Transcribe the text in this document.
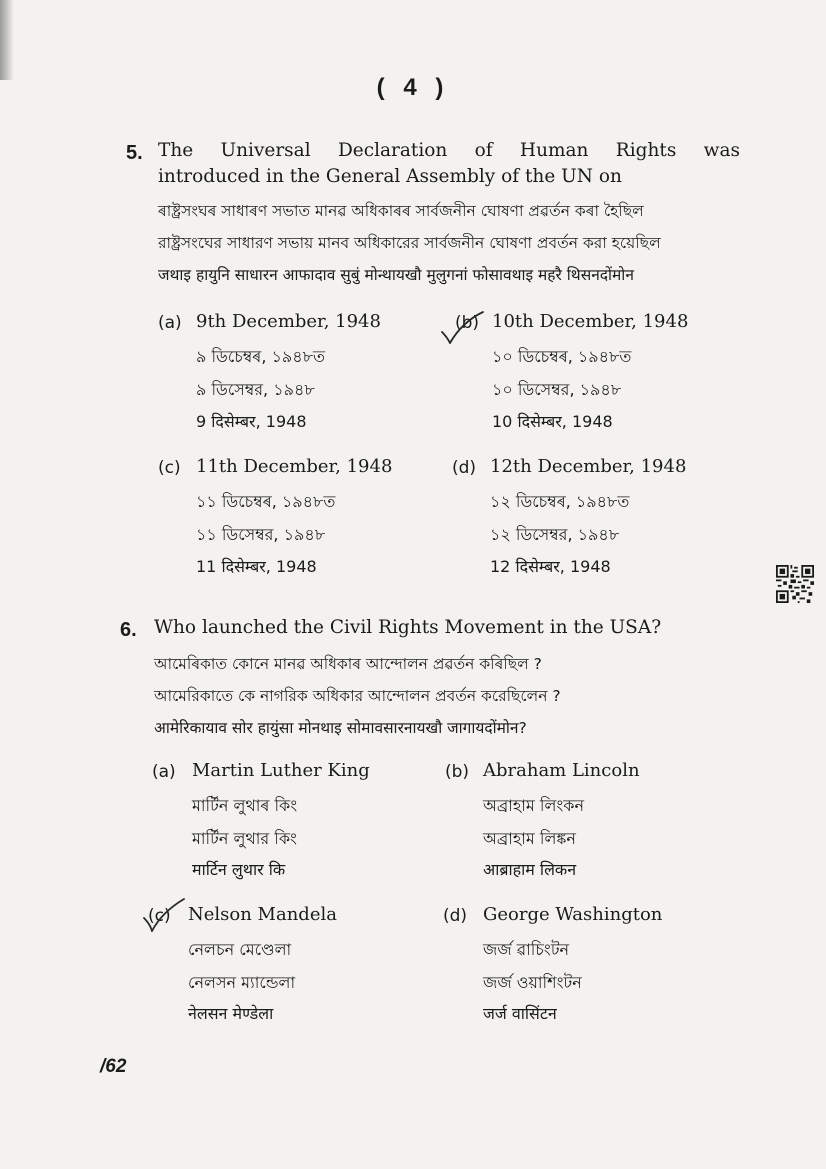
( 4 )
5. The Universal Declaration of Human Rights was
introduced in the General Assembly of the UN on
ৰাষ্ট্ৰসংঘৰ সাধাৰণ সভাত মানৱ অধিকাৰৰ সাৰ্বজনীন ঘোষণা প্ৰৱৰ্তন কৰা হৈছিল
রাষ্ট্রসংঘের সাধারণ সভায় মানব অধিকারের সার্বজনীন ঘোষণা প্রবর্তন করা হয়েছিল
जथाइ हायुनि साधारन आफादाव सुबुं मोन्थायखौ मुलुगनां फोसावथाइ महरै थिसनदोंमोन
(a) 9th December, 1948
৯ ডিচেম্বৰ, ১৯৪৮ত
৯ ডিসেম্বর, ১৯৪৮
9 दिसेम्बर, 1948
(b) 10th December, 1948
১০ ডিচেম্বৰ, ১৯৪৮ত
১০ ডিসেম্বর, ১৯৪৮
10 दिसेम्बर, 1948
(c) 11th December, 1948
১১ ডিচেম্বৰ, ১৯৪৮ত
১১ ডিসেম্বর, ১৯৪৮
11 दिसेम्बर, 1948
(d) 12th December, 1948
১২ ডিচেম্বৰ, ১৯৪৮ত
১২ ডিসেম্বর, ১৯৪৮
12 दिसेम्बर, 1948
6. Who launched the Civil Rights Movement in the USA?
আমেৰিকাত কোনে মানৱ অধিকাৰ আন্দোলন প্ৰৱৰ্তন কৰিছিল ?
আমেরিকাতে কে নাগরিক অধিকার আন্দোলন প্রবর্তন করেছিলেন ?
आमेरिकायाव सोर हायुंसा मोनथाइ सोमावसारनायखौ जागायदोंमोन?
(a) Martin Luther King
মাৰ্টিন লুথাৰ কিং
মার্টিন লুথার কিং
मार्टिन लुथार कि
(b) Abraham Lincoln
অব্ৰাহাম লিংকন
অব্রাহাম লিঙ্কন
आब्राहाम लिकन
(c) Nelson Mandela
নেলচন মেণ্ডেলা
নেলসন ম্যান্ডেলা
नेलसन मेण्डेला
(d) George Washington
জৰ্জ ৱাচিংটন
জর্জ ওয়াশিংটন
जर्ज वासिंटन
/62
